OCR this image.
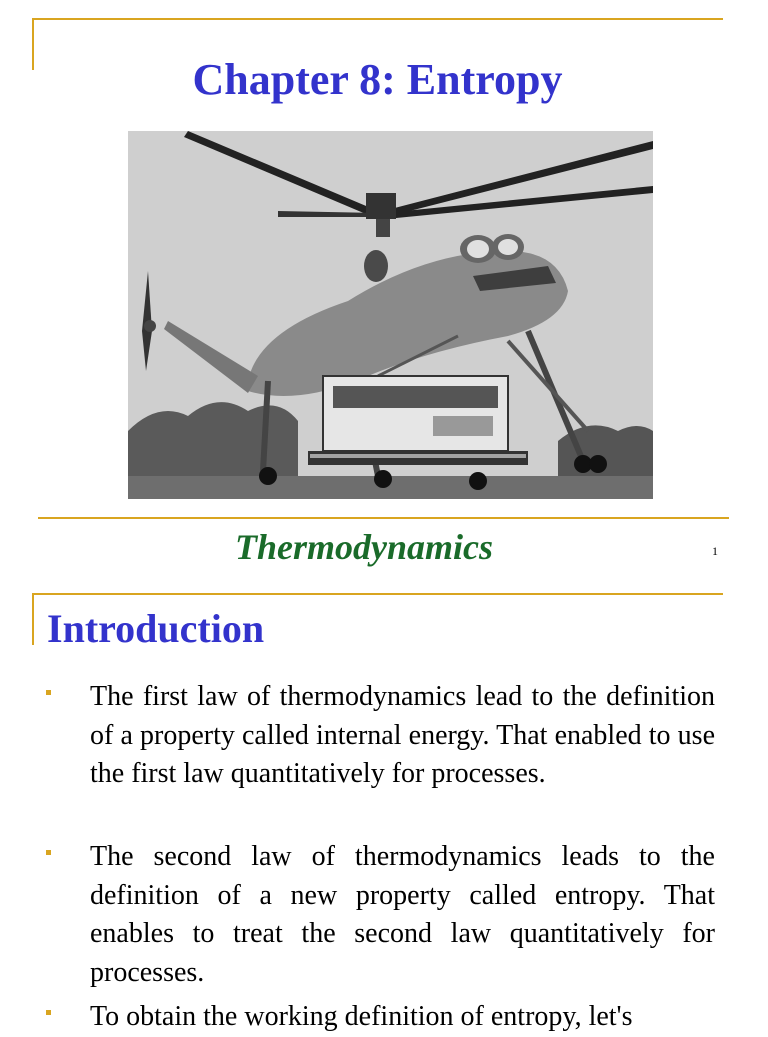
Chapter 8: Entropy
Thermodynamics	1
Introduction
The first law of thermodynamics lead to the definition of a property called internal energy. That enabled to use the first law quantitatively for processes.
The second law of thermodynamics leads to the definition of a new property called entropy. That enables to treat the second law quantitatively for processes.
To obtain the working definition of entropy, let's
